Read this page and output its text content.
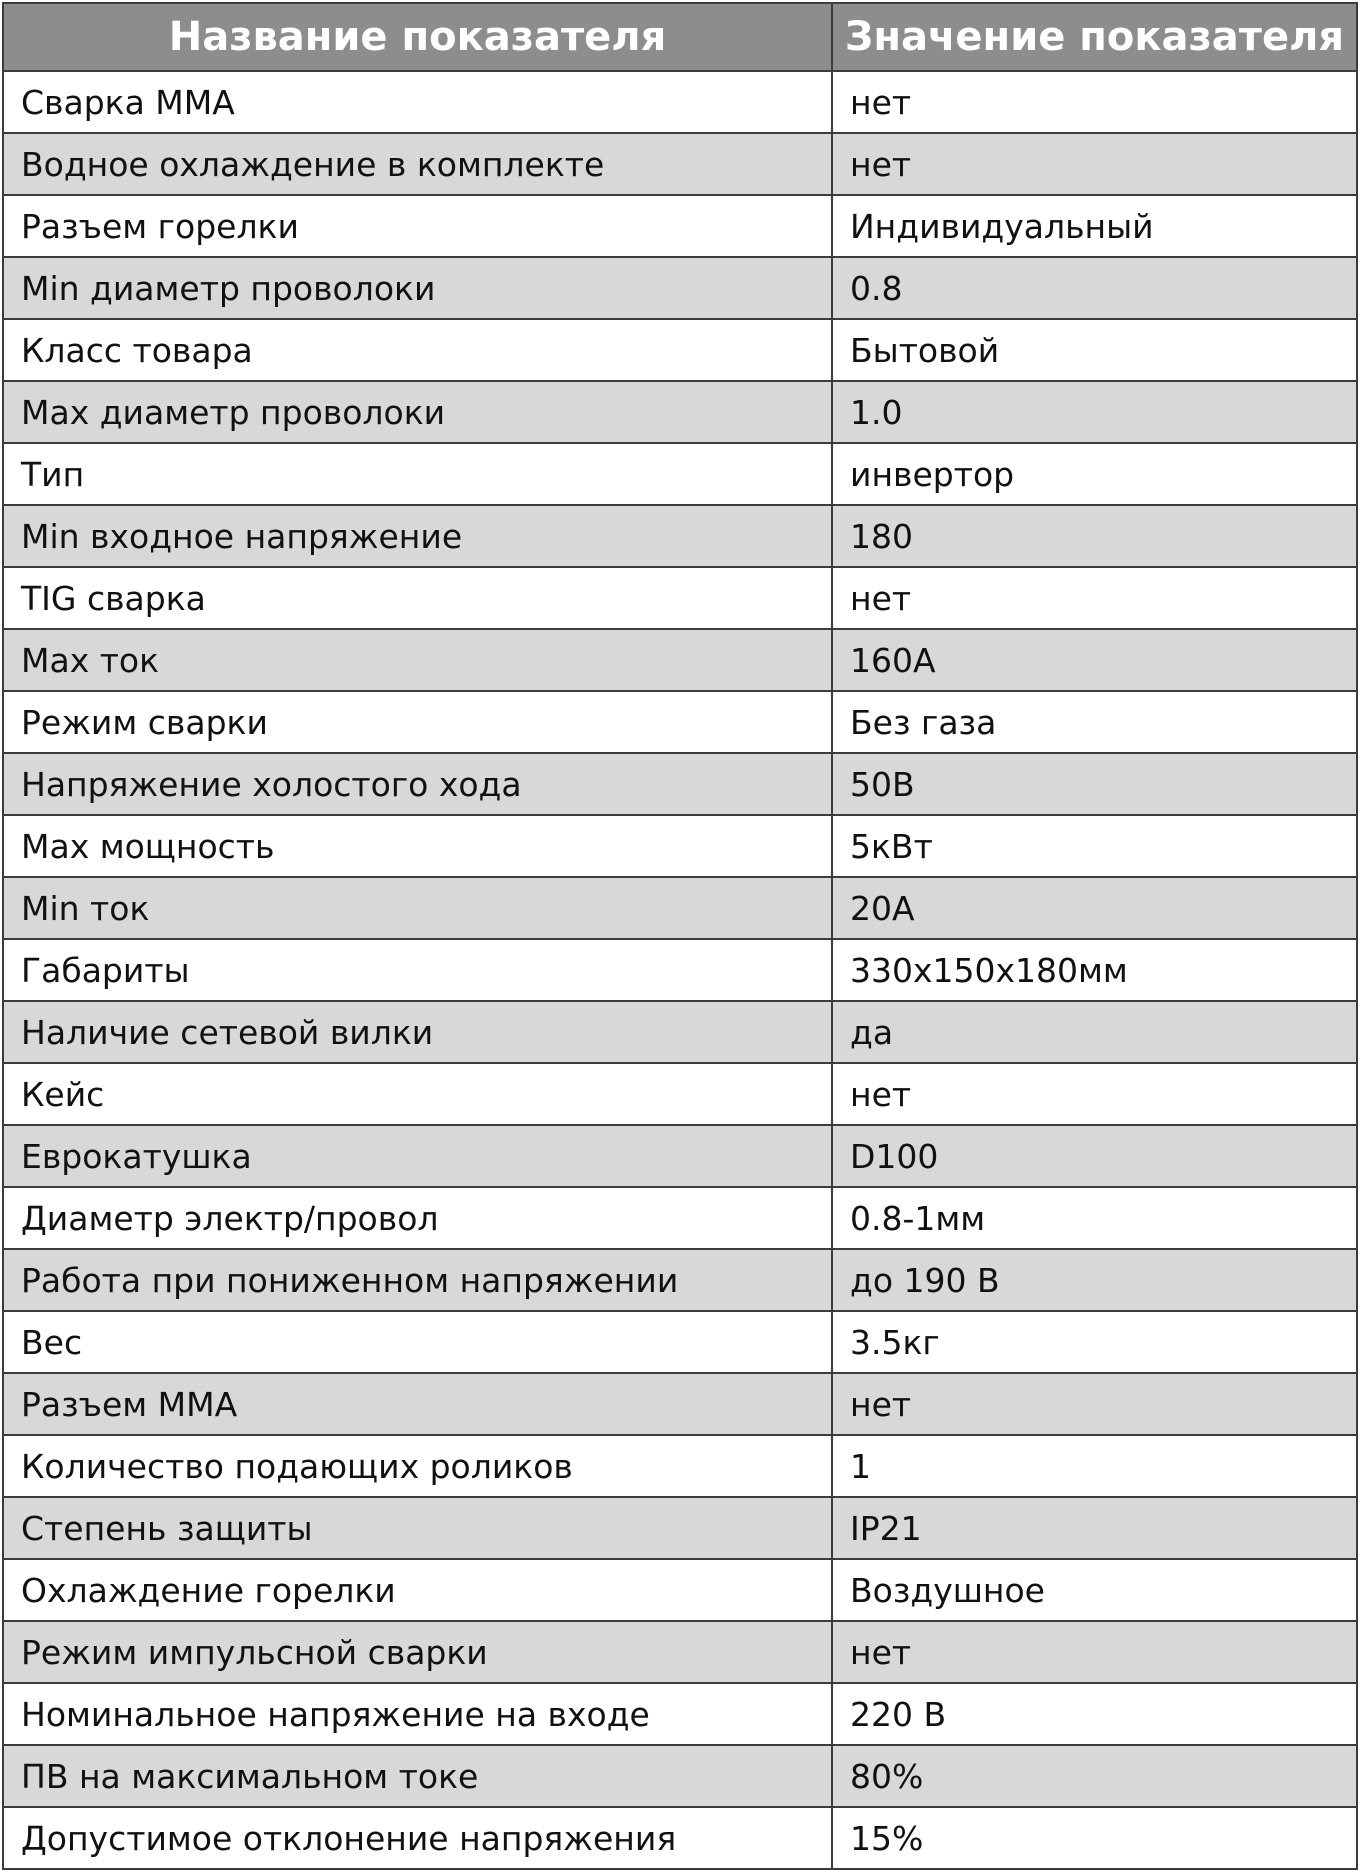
Название показателя	Значение показателя
Сварка MMA	нет
Водное охлаждение в комплекте	нет
Разъем горелки	Индивидуальный
Min диаметр проволоки	0.8
Класс товара	Бытовой
Max диаметр проволоки	1.0
Тип	инвертор
Min входное напряжение	180
TIG сварка	нет
Max ток	160А
Режим сварки	Без газа
Напряжение холостого хода	50В
Max мощность	5кВт
Min ток	20А
Габариты	330x150x180мм
Наличие сетевой вилки	да
Кейс	нет
Еврокатушка	D100
Диаметр электр/провол	0.8-1мм
Работа при пониженном напряжении	до 190 В
Вес	3.5кг
Разъем MMA	нет
Количество подающих роликов	1
Степень защиты	IP21
Охлаждение горелки	Воздушное
Режим импульсной сварки	нет
Номинальное напряжение на входе	220 В
ПВ на максимальном токе	80%
Допустимое отклонение напряжения	15%
